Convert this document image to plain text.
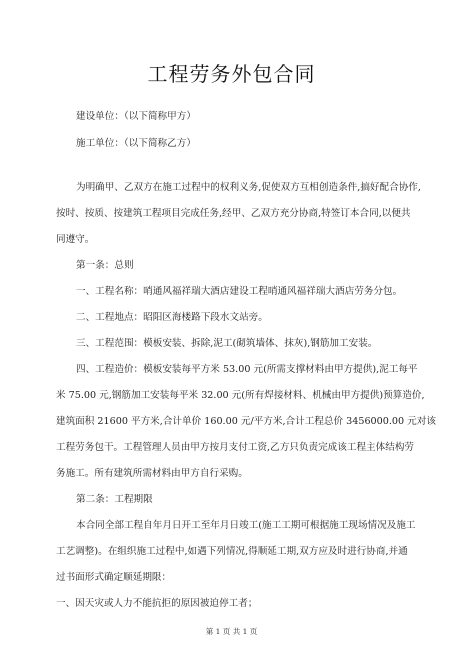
工程劳务外包合同
建设单位：（以下简称甲方）
施工单位：（以下简称乙方）
为明确甲、乙双方在施工过程中的权利义务,促使双方互相创造条件,搞好配合协作,
按时、按质、按建筑工程项目完成任务,经甲、乙双方充分协商,特签订本合同,以便共
同遵守。
第一条：总则
一、工程名称：哨通风福祥瑞大酒店建设工程哨通风福祥瑞大酒店劳务分包。
二、工程地点：昭阳区海楼路下段水文站旁。
三、工程范围：模板安装、拆除,泥工(砌筑墙体、抹灰),钢筋加工安装。
四、工程造价：模板安装每平方米 53.00 元(所需支撑材料由甲方提供),泥工每平
米 75.00 元,钢筋加工安装每平米 32.00 元(所有焊接材料、机械由甲方提供)预算造价,
建筑面积 21600 平方米,合计单价 160.00 元/平方米,合计工程总价 3456000.00 元对该
工程劳务包干。工程管理人员由甲方按月支付工资,乙方只负责完成该工程主体结构劳
务施工。所有建筑所需材料由甲方自行采购。
第二条：工程期限
本合同全部工程自年月日开工至年月日竣工(施工工期可根据施工现场情况及施工
工艺调整)。在组织施工过程中,如遇下列情况,得顺延工期,双方应及时进行协商,并通
过书面形式确定顺延期限：
一、因天灾或人力不能抗拒的原因被迫停工者；
第 1 页 共 1 页
